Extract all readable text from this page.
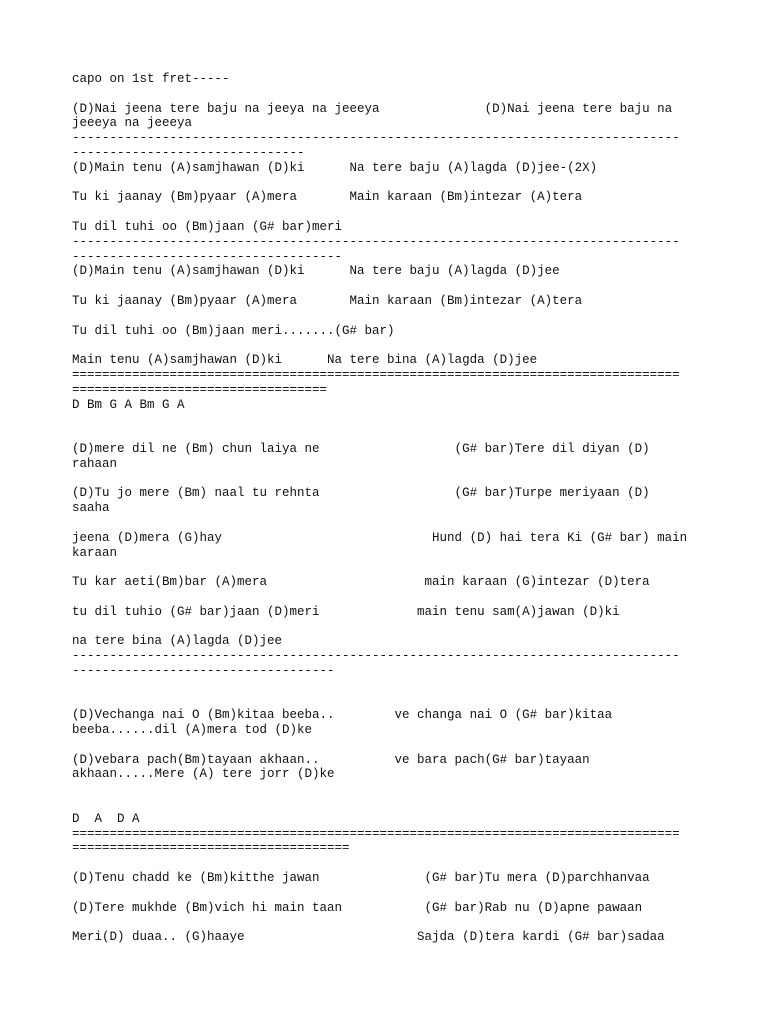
capo on 1st fret-----
(D)Nai jeena tere baju na jeeya na jeeeya              (D)Nai jeena tere baju na
jeeeya na jeeeya
---------------------------------------------------------------------------------
-------------------------------
(D)Main tenu (A)samjhawan (D)ki      Na tere baju (A)lagda (D)jee-(2X)
Tu ki jaanay (Bm)pyaar (A)mera       Main karaan (Bm)intezar (A)tera
Tu dil tuhi oo (Bm)jaan (G# bar)meri
---------------------------------------------------------------------------------
------------------------------------
(D)Main tenu (A)samjhawan (D)ki      Na tere baju (A)lagda (D)jee
Tu ki jaanay (Bm)pyaar (A)mera       Main karaan (Bm)intezar (A)tera
Tu dil tuhi oo (Bm)jaan meri.......(G# bar)
Main tenu (A)samjhawan (D)ki      Na tere bina (A)lagda (D)jee
=================================================================================
==================================
D Bm G A Bm G A
(D)mere dil ne (Bm) chun laiya ne                  (G# bar)Tere dil diyan (D)
rahaan
(D)Tu jo mere (Bm) naal tu rehnta                  (G# bar)Turpe meriyaan (D)
saaha
jeena (D)mera (G)hay                            Hund (D) hai tera Ki (G# bar) main
karaan
Tu kar aeti(Bm)bar (A)mera                     main karaan (G)intezar (D)tera
tu dil tuhio (G# bar)jaan (D)meri             main tenu sam(A)jawan (D)ki
na tere bina (A)lagda (D)jee
---------------------------------------------------------------------------------
-----------------------------------
(D)Vechanga nai O (Bm)kitaa beeba..        ve changa nai O (G# bar)kitaa
beeba......dil (A)mera tod (D)ke
(D)vebara pach(Bm)tayaan akhaan..          ve bara pach(G# bar)tayaan
akhaan.....Mere (A) tere jorr (D)ke
D  A  D A
=================================================================================
=====================================
(D)Tenu chadd ke (Bm)kitthe jawan              (G# bar)Tu mera (D)parchhanvaa
(D)Tere mukhde (Bm)vich hi main taan           (G# bar)Rab nu (D)apne pawaan
Meri(D) duaa.. (G)haaye                       Sajda (D)tera kardi (G# bar)sadaa
